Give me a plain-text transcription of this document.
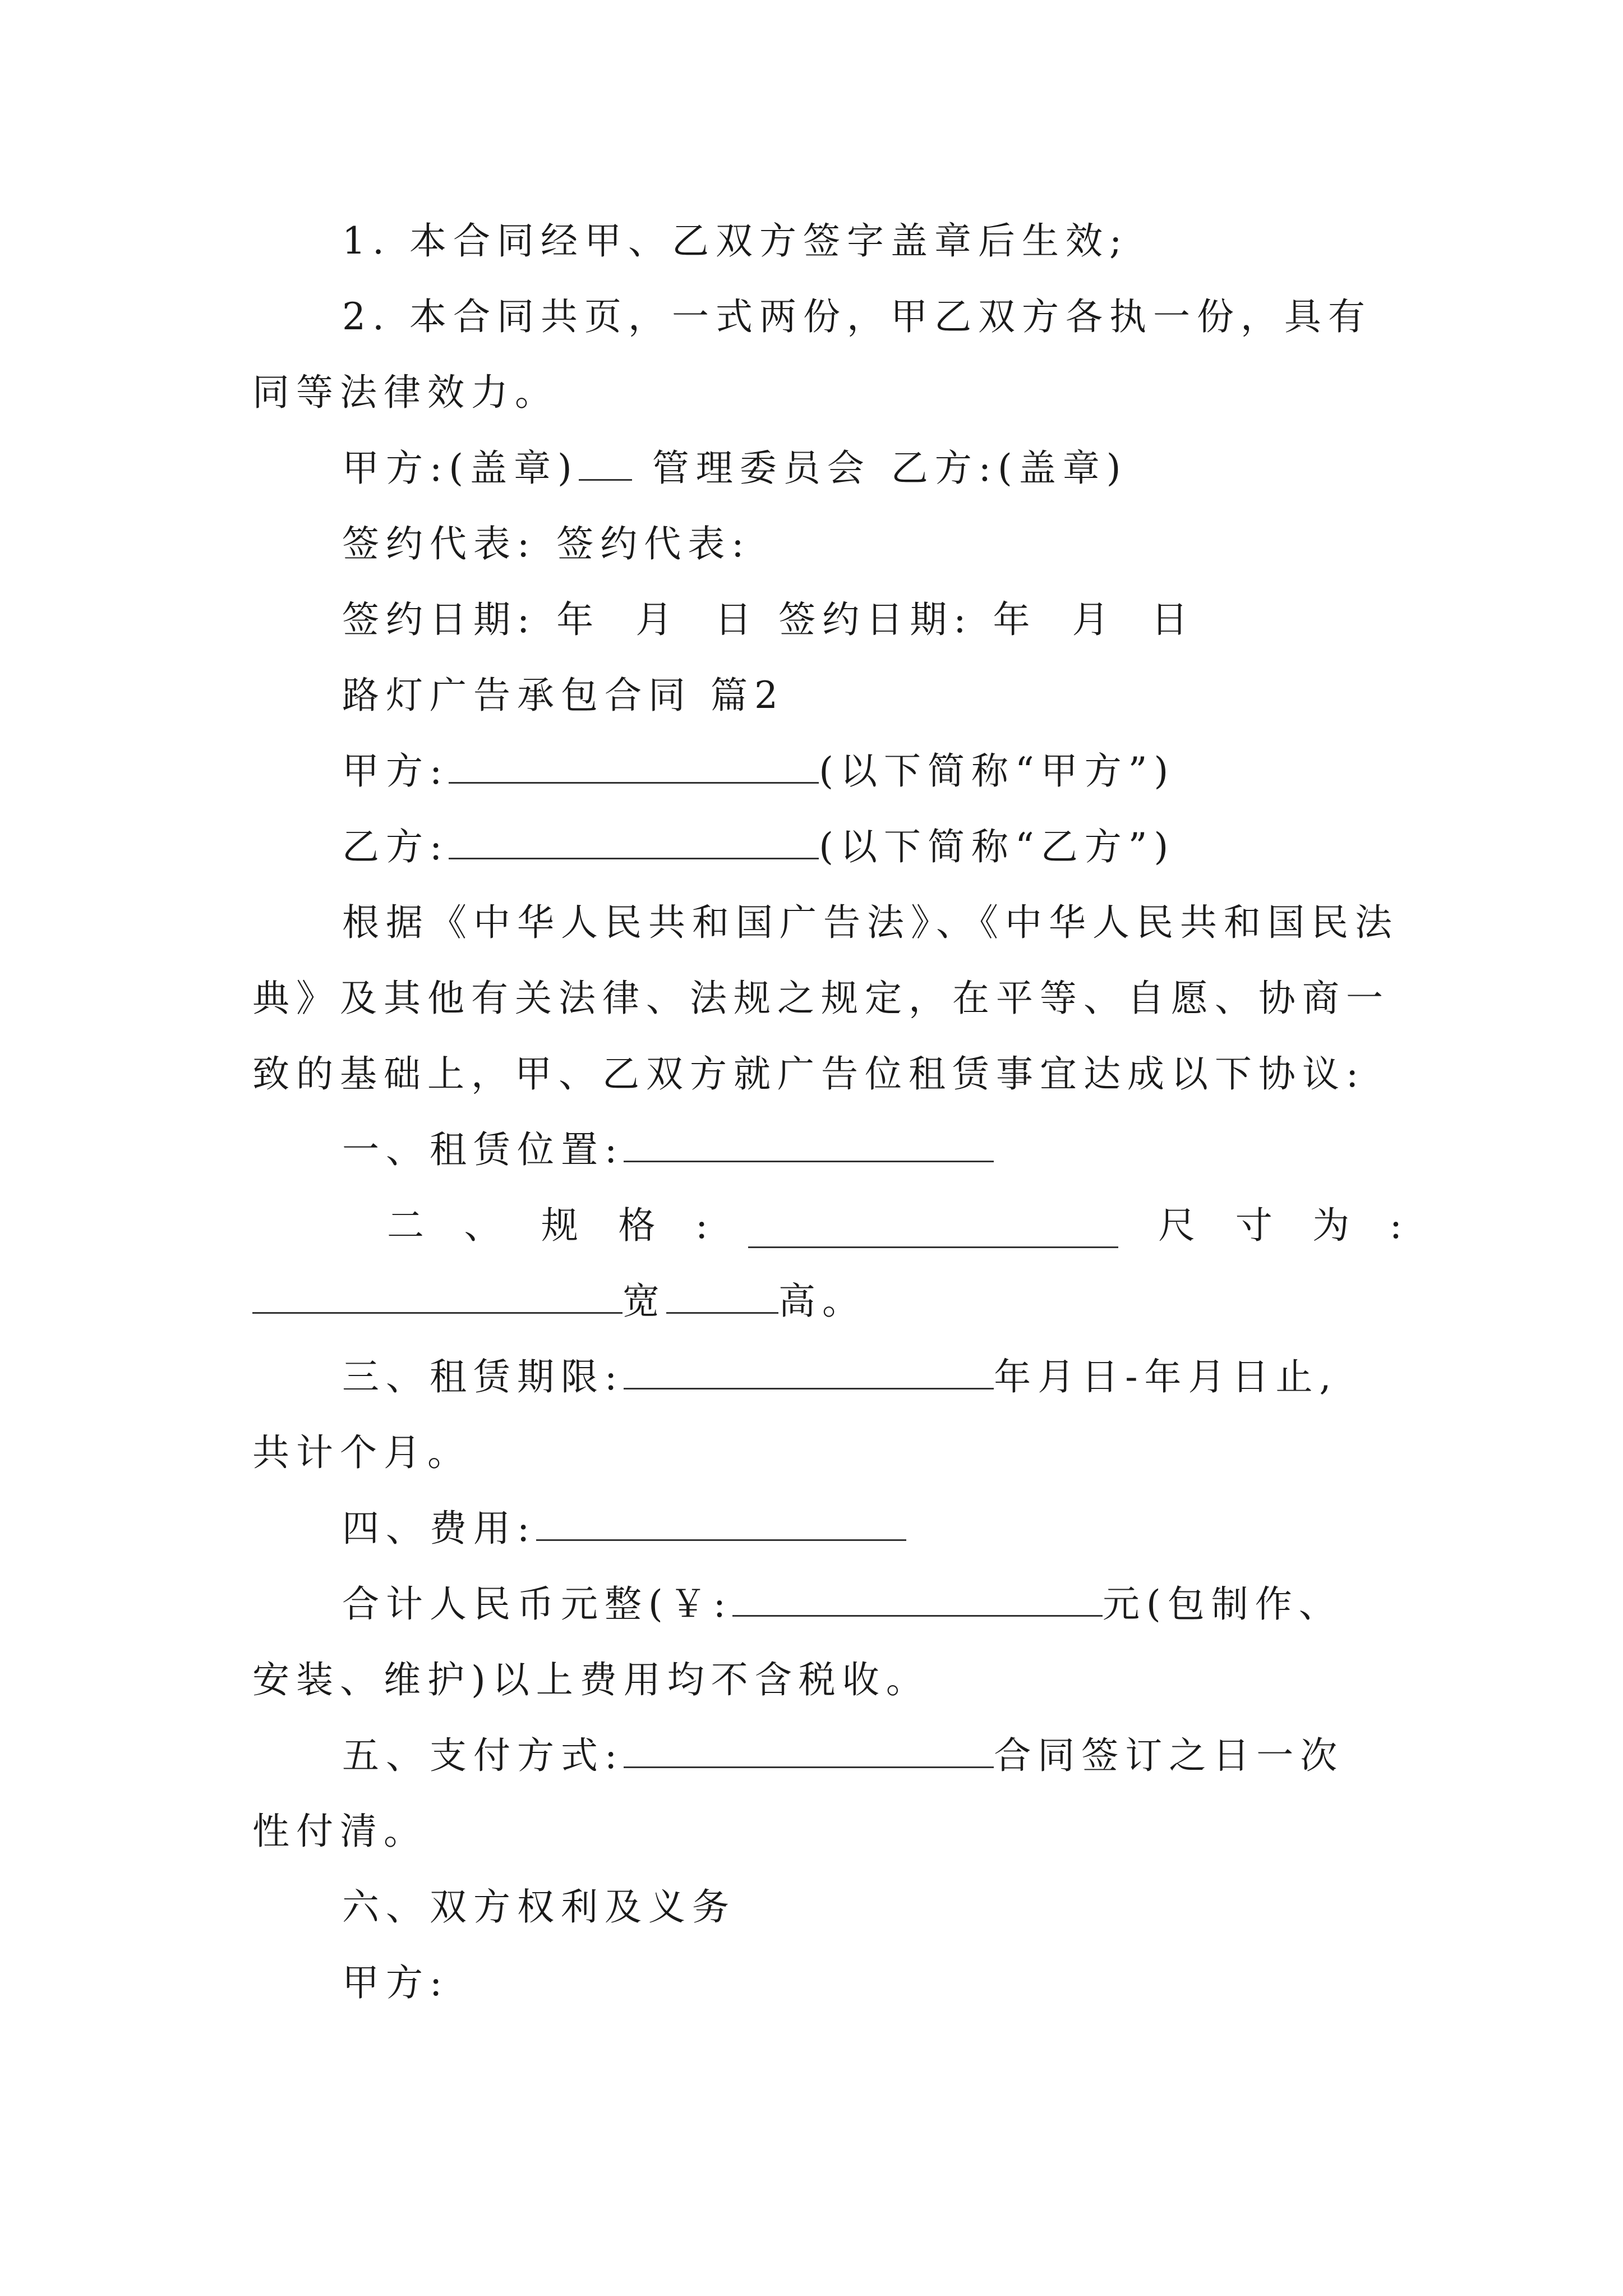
1. 本合同经甲、乙双方签字盖章后生效;
2. 本合同共页，一式两份，甲乙双方各执一份，具有
同等法律效力。
甲方:(盖章) 管理委员会 乙方:(盖章)
签约代表: 签约代表:
签约日期: 年 月 日 签约日期: 年 月 日
路灯广告承包合同 篇2
甲方:	(以下简称“甲方”)
乙方:	(以下简称“乙方”)
根据《中华人民共和国广告法》、《中华人民共和国民法
典》及其他有关法律、法规之规定，在平等、自愿、协商一
致的基础上，甲、乙双方就广告位租赁事宜达成以下协议:
一、租赁位置:
二 、 规 格 :	尺 寸 为 :
宽	高。
三、租赁期限:	年月日-年月日止,
共计个月。
四、费用:
合计人民币元整(￥:	元(包制作、
安装、维护)以上费用均不含税收。
五、支付方式:	合同签订之日一次
性付清。
六、双方权利及义务
甲方:
